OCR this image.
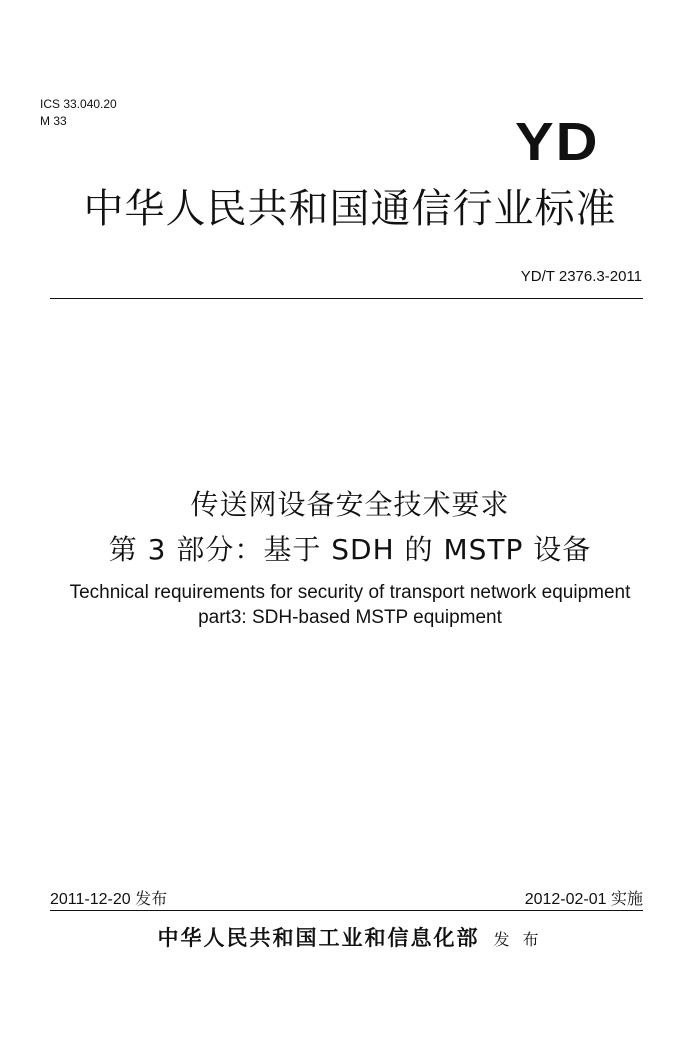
ICS 33.040.20
M 33	YD
中华人民共和国通信行业标准
YD/T 2376.3-2011
传送网设备安全技术要求
第 3 部分：基于 SDH 的 MSTP 设备
Technical requirements for security of transport network equipment
part3: SDH-based MSTP equipment
2011-12-20 发布	2012-02-01 实施
中华人民共和国工业和信息化部 发 布
